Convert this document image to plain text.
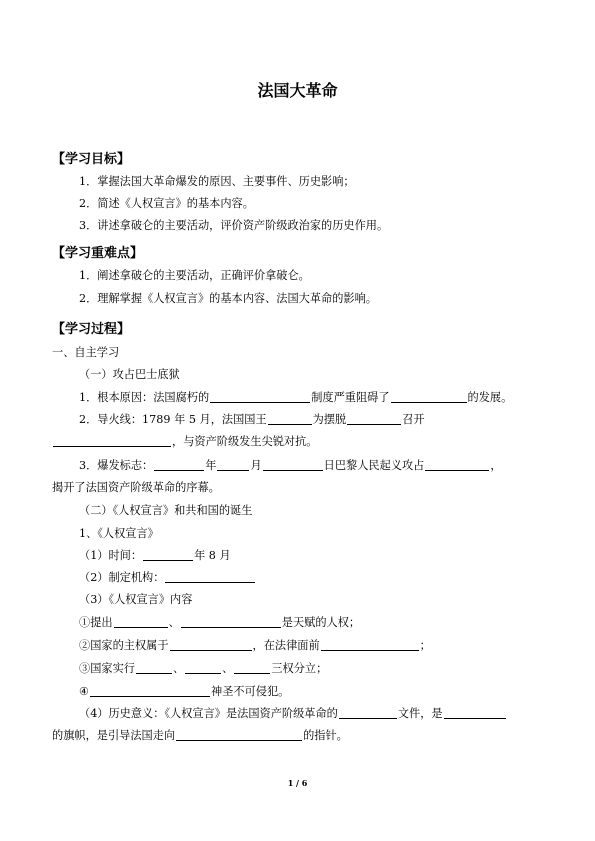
法国大革命
【学习目标】
1．掌握法国大革命爆发的原因、主要事件、历史影响；
2．简述《人权宣言》的基本内容。
3．讲述拿破仑的主要活动，评价资产阶级政治家的历史作用。
【学习重难点】
1．阐述拿破仑的主要活动，正确评价拿破仑。
2．理解掌握《人权宣言》的基本内容、法国大革命的影响。
【学习过程】
一、自主学习
（一）攻占巴士底狱
1．根本原因：法国腐朽的	制度严重阻碍了	的发展。
2．导火线：1789 年 5 月，法国国王	为摆脱	召开
，与资产阶级发生尖锐对抗。
3．爆发标志：	年	月	日巴黎人民起义攻占	，
揭开了法国资产阶级革命的序幕。
（二）《人权宣言》和共和国的诞生
1、《人权宣言》
（1）时间：	年 8 月
（2）制定机构：
（3）《人权宣言》内容
①提出	、	是天赋的人权；
②国家的主权属于	，在法律面前	；
③国家实行	、	、	三权分立；
④	神圣不可侵犯。
（4）历史意义：《人权宣言》是法国资产阶级革命的	文件，是
的旗帜，是引导法国走向	的指针。
1 / 6
